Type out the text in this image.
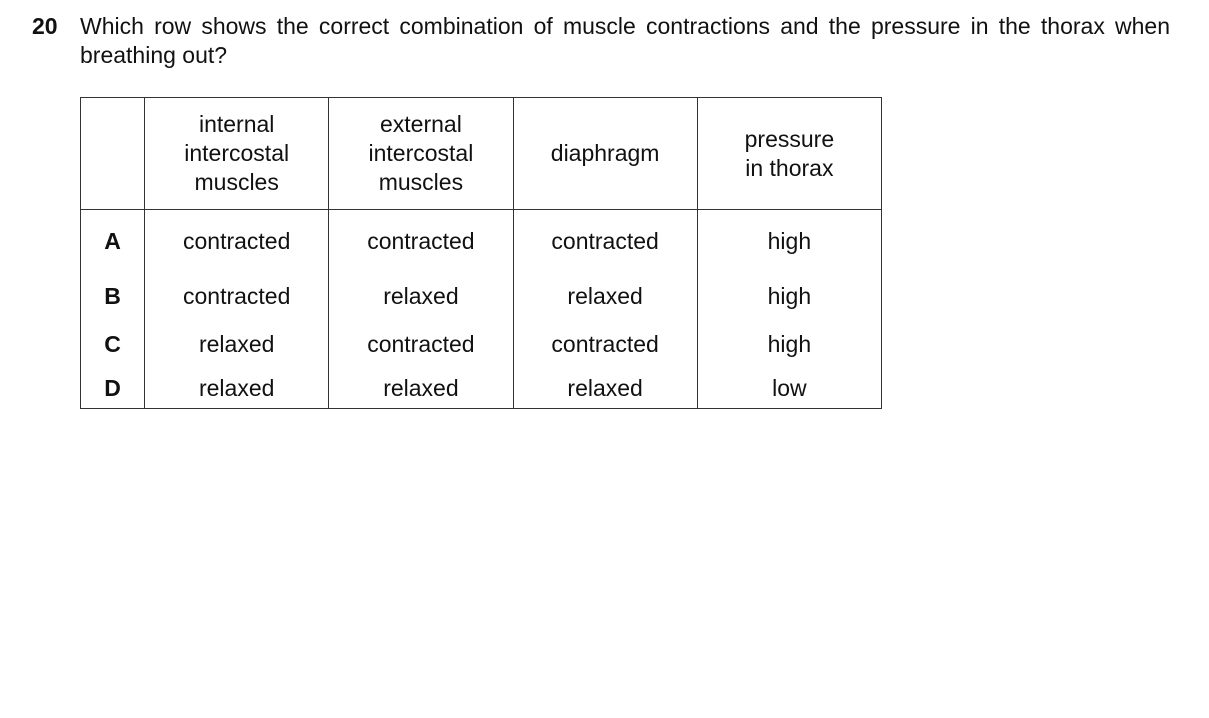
20 Which row shows the correct combination of muscle contractions and the pressure in the thorax when breathing out?

	internal
intercostal
muscles	external
intercostal
muscles	diaphragm	pressure
in thorax

A	contracted	contracted	contracted	high
B	contracted	relaxed	relaxed	high
C	relaxed	contracted	contracted	high
D	relaxed	relaxed	relaxed	low
